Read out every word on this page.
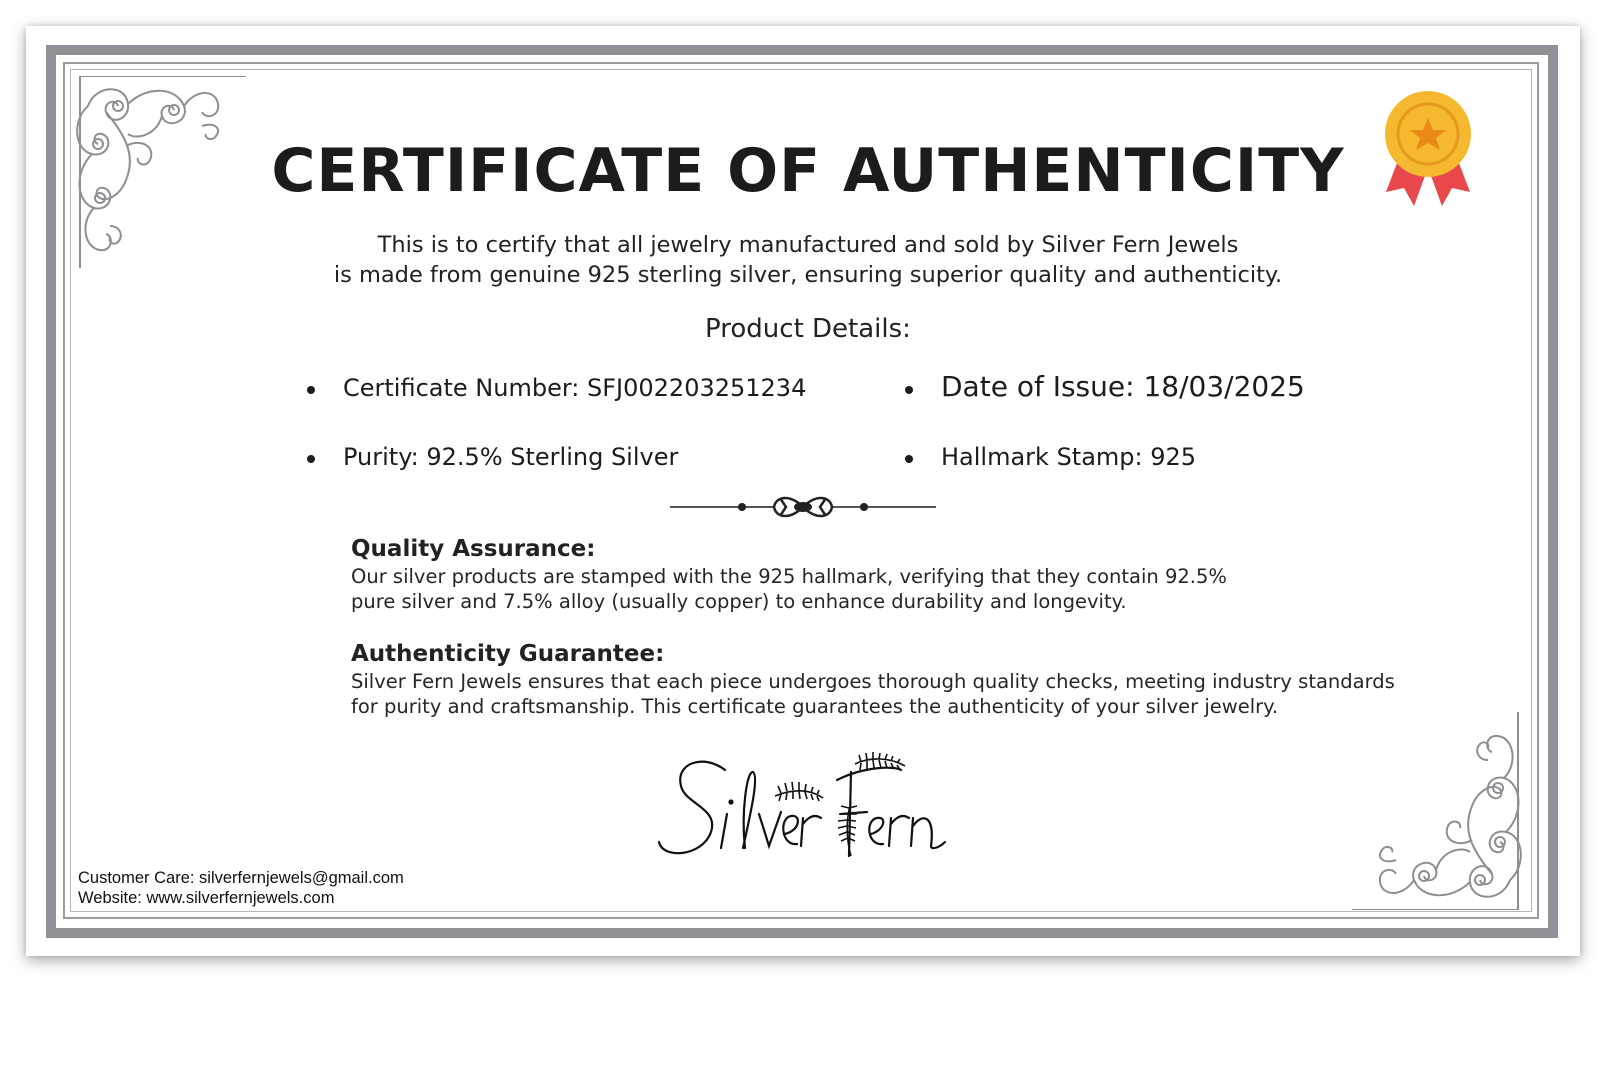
CERTIFICATE OF AUTHENTICITY
This is to certify that all jewelry manufactured and sold by Silver Fern Jewels
is made from genuine 925 sterling silver, ensuring superior quality and authenticity.
Product Details:
Certificate Number: SFJ002203251234	Date of Issue: 18/03/2025
Purity: 92.5% Sterling Silver	Hallmark Stamp: 925
Quality Assurance:
Our silver products are stamped with the 925 hallmark, verifying that they contain 92.5%
pure silver and 7.5% alloy (usually copper) to enhance durability and longevity.
Authenticity Guarantee:
Silver Fern Jewels ensures that each piece undergoes thorough quality checks, meeting industry standards
for purity and craftsmanship. This certificate guarantees the authenticity of your silver jewelry.
Customer Care: silverfernjewels@gmail.com
Website: www.silverfernjewels.com
